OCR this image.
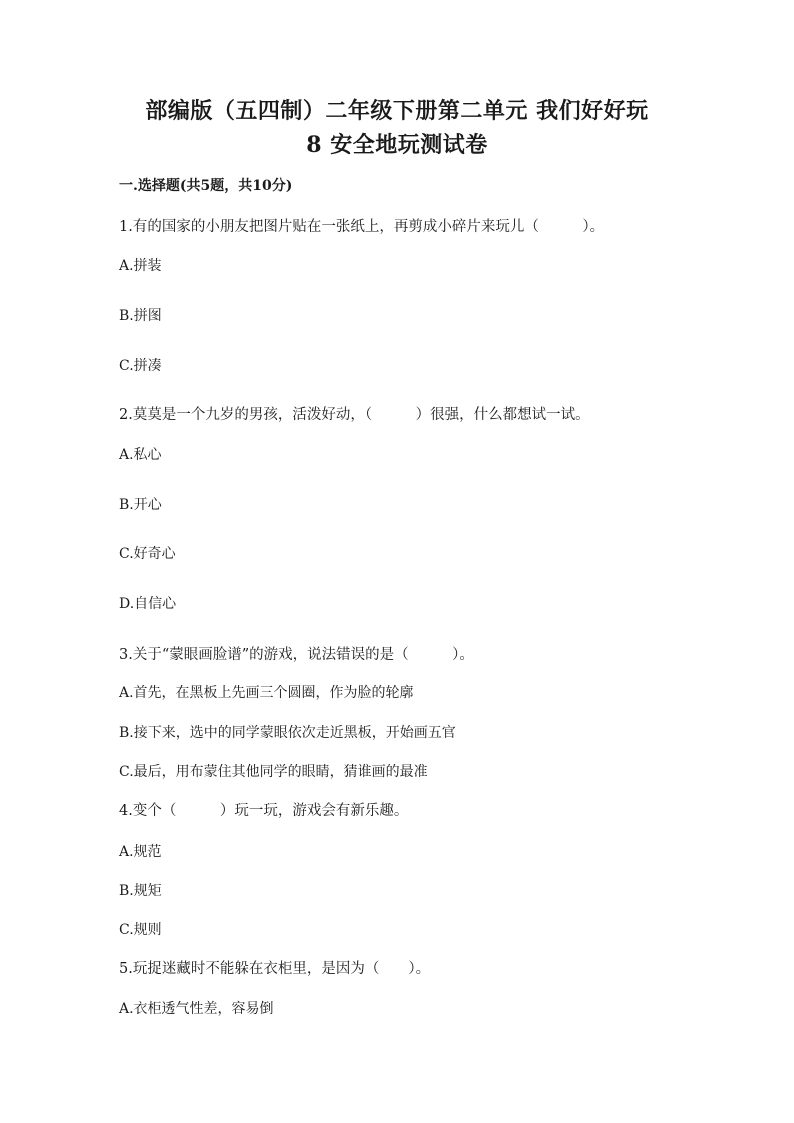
部编版（五四制）二年级下册第二单元 我们好好玩
8 安全地玩测试卷
一.选择题(共5题，共10分)
1.有的国家的小朋友把图片贴在一张纸上，再剪成小碎片来玩儿（　　　）。
A.拼装
B.拼图
C.拼凑
2.莫莫是一个九岁的男孩，活泼好动，（　　　）很强，什么都想试一试。
A.私心
B.开心
C.好奇心
D.自信心
3.关于“蒙眼画脸谱”的游戏，说法错误的是（　　　）。
A.首先，在黑板上先画三个圆圈，作为脸的轮廓
B.接下来，选中的同学蒙眼依次走近黑板，开始画五官
C.最后，用布蒙住其他同学的眼睛，猜谁画的最准
4.变个（　　　）玩一玩，游戏会有新乐趣。
A.规范
B.规矩
C.规则
5.玩捉迷藏时不能躲在衣柜里，是因为（　　）。
A.衣柜透气性差，容易倒
